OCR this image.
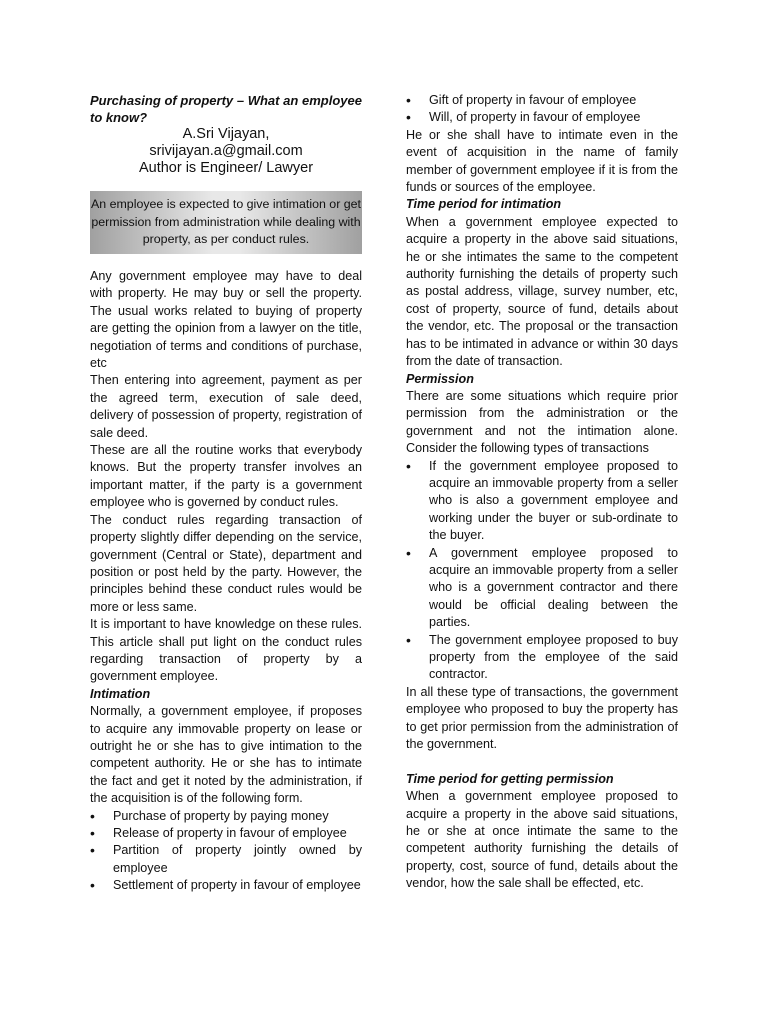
Purchasing of property – What an employee to know?
A.Sri Vijayan,
srivijayan.a@gmail.com
Author is Engineer/ Lawyer
An employee is expected to give intimation or get permission from administration while dealing with property, as per conduct rules.

Any government employee may have to deal with property. He may buy or sell the property. The usual works related to buying of property are getting the opinion from a lawyer on the title, negotiation of terms and conditions of purchase, etc

Then entering into agreement, payment as per the agreed term, execution of sale deed, delivery of possession of property, registration of sale deed.

These are all the routine works that everybody knows. But the property transfer involves an important matter, if the party is a government employee who is governed by conduct rules.

The conduct rules regarding transaction of property slightly differ depending on the service, government (Central or State), department and position or post held by the party. However, the principles behind these conduct rules would be more or less same.

It is important to have knowledge on these rules. This article shall put light on the conduct rules regarding transaction of property by a government employee.

Intimation

Normally, a government employee, if proposes to acquire any immovable property on lease or outright he or she has to give intimation to the competent authority. He or she has to intimate the fact and get it noted by the administration, if the acquisition is of the following form.

• Purchase of property by paying money
• Release of property in favour of employee
• Partition of property jointly owned by employee
• Settlement of property in favour of employee
• Gift of property in favour of employee
• Will, of property in favour of employee

He or she shall have to intimate even in the event of acquisition in the name of family member of government employee if it is from the funds or sources of the employee.

Time period for intimation

When a government employee expected to acquire a property in the above said situations, he or she intimates the same to the competent authority furnishing the details of property such as postal address, village, survey number, etc, cost of property, source of fund, details about the vendor, etc. The proposal or the transaction has to be intimated in advance or within 30 days from the date of transaction.

Permission

There are some situations which require prior permission from the administration or the government and not the intimation alone. Consider the following types of transactions

• If the government employee proposed to acquire an immovable property from a seller who is also a government employee and working under the buyer or sub-ordinate to the buyer.
• A government employee proposed to acquire an immovable property from a seller who is a government contractor and there would be official dealing between the parties.
• The government employee proposed to buy property from the employee of the said contractor.

In all these type of transactions, the government employee who proposed to buy the property has to get prior permission from the administration of the government.

Time period for getting permission

When a government employee proposed to acquire a property in the above said situations, he or she at once intimate the same to the competent authority furnishing the details of property, cost, source of fund, details about the vendor, how the sale shall be effected, etc.
